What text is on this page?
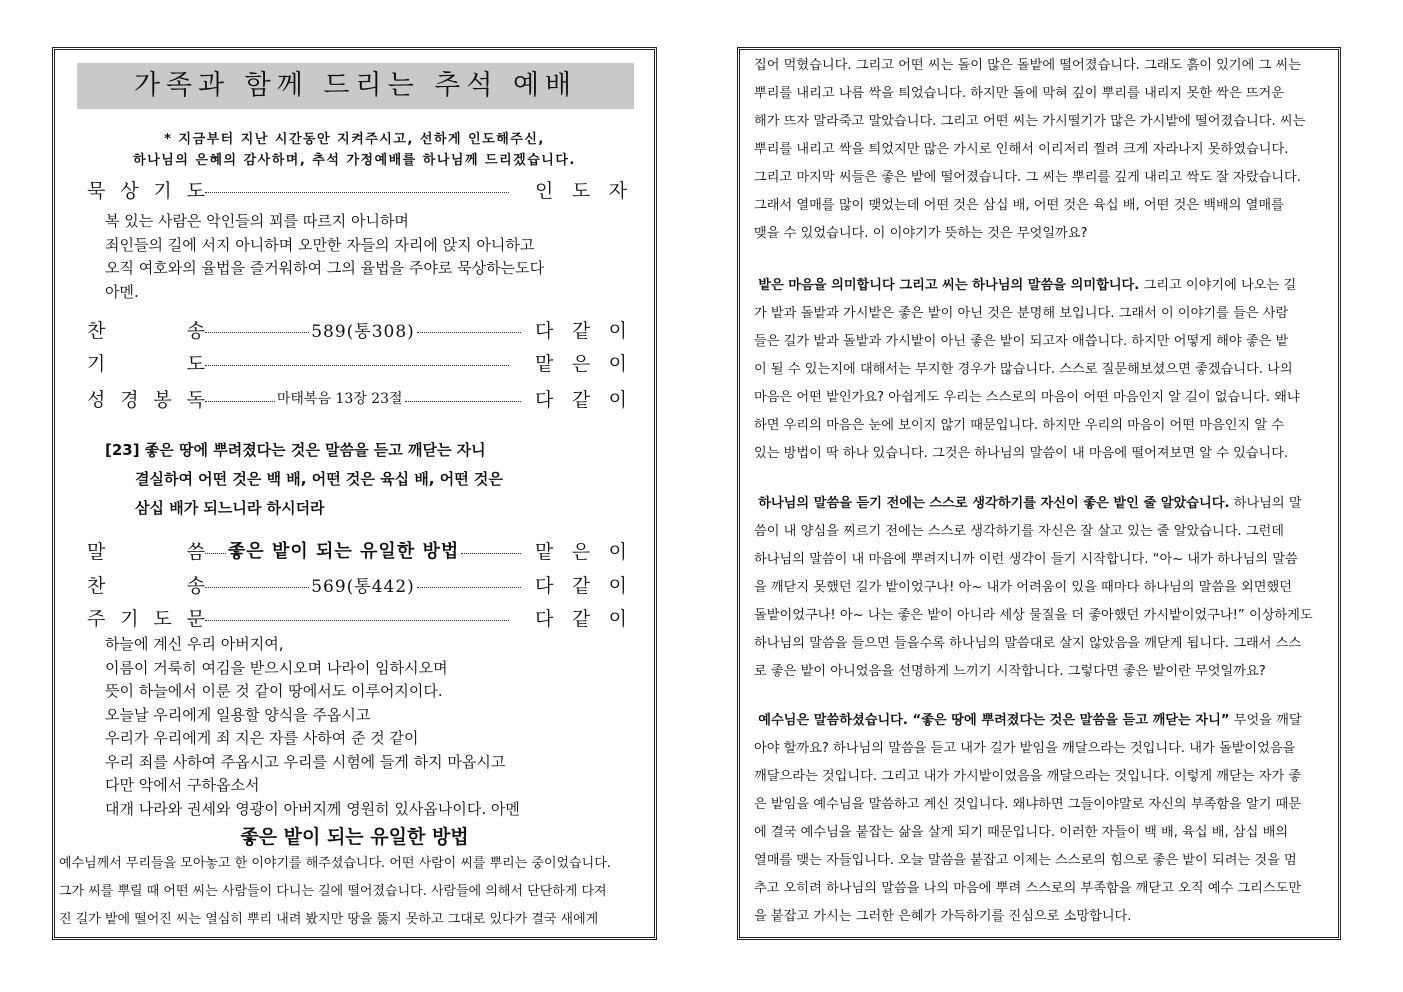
가족과 함께 드리는 추석 예배
* 지금부터 지난 시간동안 지켜주시고, 선하게 인도해주신,
하나님의 은혜의 감사하며, 추석 가정예배를 하나님께 드리겠습니다.
묵 상 기 도	인 도 자
복 있는 사람은 악인들의 꾀를 따르지 아니하며
죄인들의 길에 서지 아니하며 오만한 자들의 자리에 앉지 아니하고
오직 여호와의 율법을 즐거워하여 그의 율법을 주야로 묵상하는도다
아멘.
찬	송	589(통308)	다 같 이
기	도	맡 은 이
성 경 봉 독	마태복음 13장 23절	다 같 이
[23] 좋은 땅에 뿌려졌다는 것은 말씀을 듣고 깨닫는 자니
결실하여 어떤 것은 백 배, 어떤 것은 육십 배, 어떤 것은
삼십 배가 되느니라 하시더라
말	씀 좋은 밭이 되는 유일한 방법	맡 은 이
찬	송	569(통442)	다 같 이
주 기 도 문	다 같 이
하늘에 계신 우리 아버지여,
이름이 거룩히 여김을 받으시오며 나라이 임하시오며
뜻이 하늘에서 이룬 것 같이 땅에서도 이루어지이다.
오늘날 우리에게 일용할 양식을 주옵시고
우리가 우리에게 죄 지은 자를 사하여 준 것 같이
우리 죄를 사하여 주옵시고 우리를 시험에 들게 하지 마옵시고
다만 악에서 구하옵소서
대개 나라와 권세와 영광이 아버지께 영원히 있사옵나이다. 아멘
좋은 밭이 되는 유일한 방법
예수님께서 무리들을 모아놓고 한 이야기를 해주셨습니다. 어떤 사람이 씨를 뿌리는 중이었습니다.
그가 씨를 뿌릴 때 어떤 씨는 사람들이 다니는 길에 떨어졌습니다. 사람들에 의해서 단단하게 다져
진 길가 밭에 떨어진 씨는 열심히 뿌리 내려 봤지만 땅을 뚫지 못하고 그대로 있다가 결국 새에게
집어 먹혔습니다. 그리고 어떤 씨는 돌이 많은 돌밭에 떨어졌습니다. 그래도 흙이 있기에 그 씨는
뿌리를 내리고 나름 싹을 틔었습니다. 하지만 돌에 막혀 깊이 뿌리를 내리지 못한 싹은 뜨거운
해가 뜨자 말라죽고 말았습니다. 그리고 어떤 씨는 가시떨기가 많은 가시밭에 떨어졌습니다. 씨는
뿌리를 내리고 싹을 틔었지만 많은 가시로 인해서 이리저리 찔려 크게 자라나지 못하였습니다.
그리고 마지막 씨들은 좋은 밭에 떨어졌습니다. 그 씨는 뿌리를 깊게 내리고 싹도 잘 자랐습니다.
그래서 열매를 많이 맺었는데 어떤 것은 삼십 배, 어떤 것은 육십 배, 어떤 것은 백배의 열매를
맺을 수 있었습니다. 이 이야기가 뜻하는 것은 무엇일까요?
밭은 마음을 의미합니다 그리고 씨는 하나님의 말씀을 의미합니다. 그리고 이야기에 나오는 길
가 밭과 돌밭과 가시밭은 좋은 밭이 아닌 것은 분명해 보입니다. 그래서 이 이야기를 들은 사람
들은 길가 밭과 돌밭과 가시밭이 아닌 좋은 밭이 되고자 애씁니다. 하지만 어떻게 해야 좋은 밭
이 될 수 있는지에 대해서는 무지한 경우가 많습니다. 스스로 질문해보셨으면 좋겠습니다. 나의
마음은 어떤 밭인가요? 아쉽게도 우리는 스스로의 마음이 어떤 마음인지 알 길이 없습니다. 왜냐
하면 우리의 마음은 눈에 보이지 않기 때문입니다. 하지만 우리의 마음이 어떤 마음인지 알 수
있는 방법이 딱 하나 있습니다. 그것은 하나님의 말씀이 내 마음에 떨어져보면 알 수 있습니다.
하나님의 말씀을 듣기 전에는 스스로 생각하기를 자신이 좋은 밭인 줄 알았습니다. 하나님의 말
씀이 내 양심을 찌르기 전에는 스스로 생각하기를 자신은 잘 살고 있는 줄 알았습니다. 그런데
하나님의 말씀이 내 마음에 뿌려지니까 이런 생각이 들기 시작합니다. “아~ 내가 하나님의 말씀
을 깨닫지 못했던 길가 밭이었구나! 아~ 내가 어려움이 있을 때마다 하나님의 말씀을 외면했던
돌밭이었구나! 아~ 나는 좋은 밭이 아니라 세상 물질을 더 좋아했던 가시밭이었구나!” 이상하게도
하나님의 말씀을 들으면 들을수록 하나님의 말씀대로 살지 않았음을 깨닫게 됩니다. 그래서 스스
로 좋은 밭이 아니었음을 선명하게 느끼기 시작합니다. 그렇다면 좋은 밭이란 무엇일까요?
예수님은 말씀하셨습니다. “좋은 땅에 뿌려졌다는 것은 말씀을 듣고 깨닫는 자니” 무엇을 깨달
아야 할까요? 하나님의 말씀을 듣고 내가 길가 밭임을 깨달으라는 것입니다. 내가 돌밭이었음을
깨달으라는 것입니다. 그리고 내가 가시밭이었음을 깨달으라는 것입니다. 이렇게 깨닫는 자가 좋
은 밭임을 예수님을 말씀하고 계신 것입니다. 왜냐하면 그들이야말로 자신의 부족함을 알기 때문
에 결국 예수님을 붙잡는 삶을 살게 되기 때문입니다. 이러한 자들이 백 배, 육십 배, 삼십 배의
열매를 맺는 자들입니다. 오늘 말씀을 붙잡고 이제는 스스로의 힘으로 좋은 밭이 되려는 것을 멈
추고 오히려 하나님의 말씀을 나의 마음에 뿌려 스스로의 부족함을 깨닫고 오직 예수 그리스도만
을 붙잡고 가시는 그러한 은혜가 가득하기를 진심으로 소망합니다.
